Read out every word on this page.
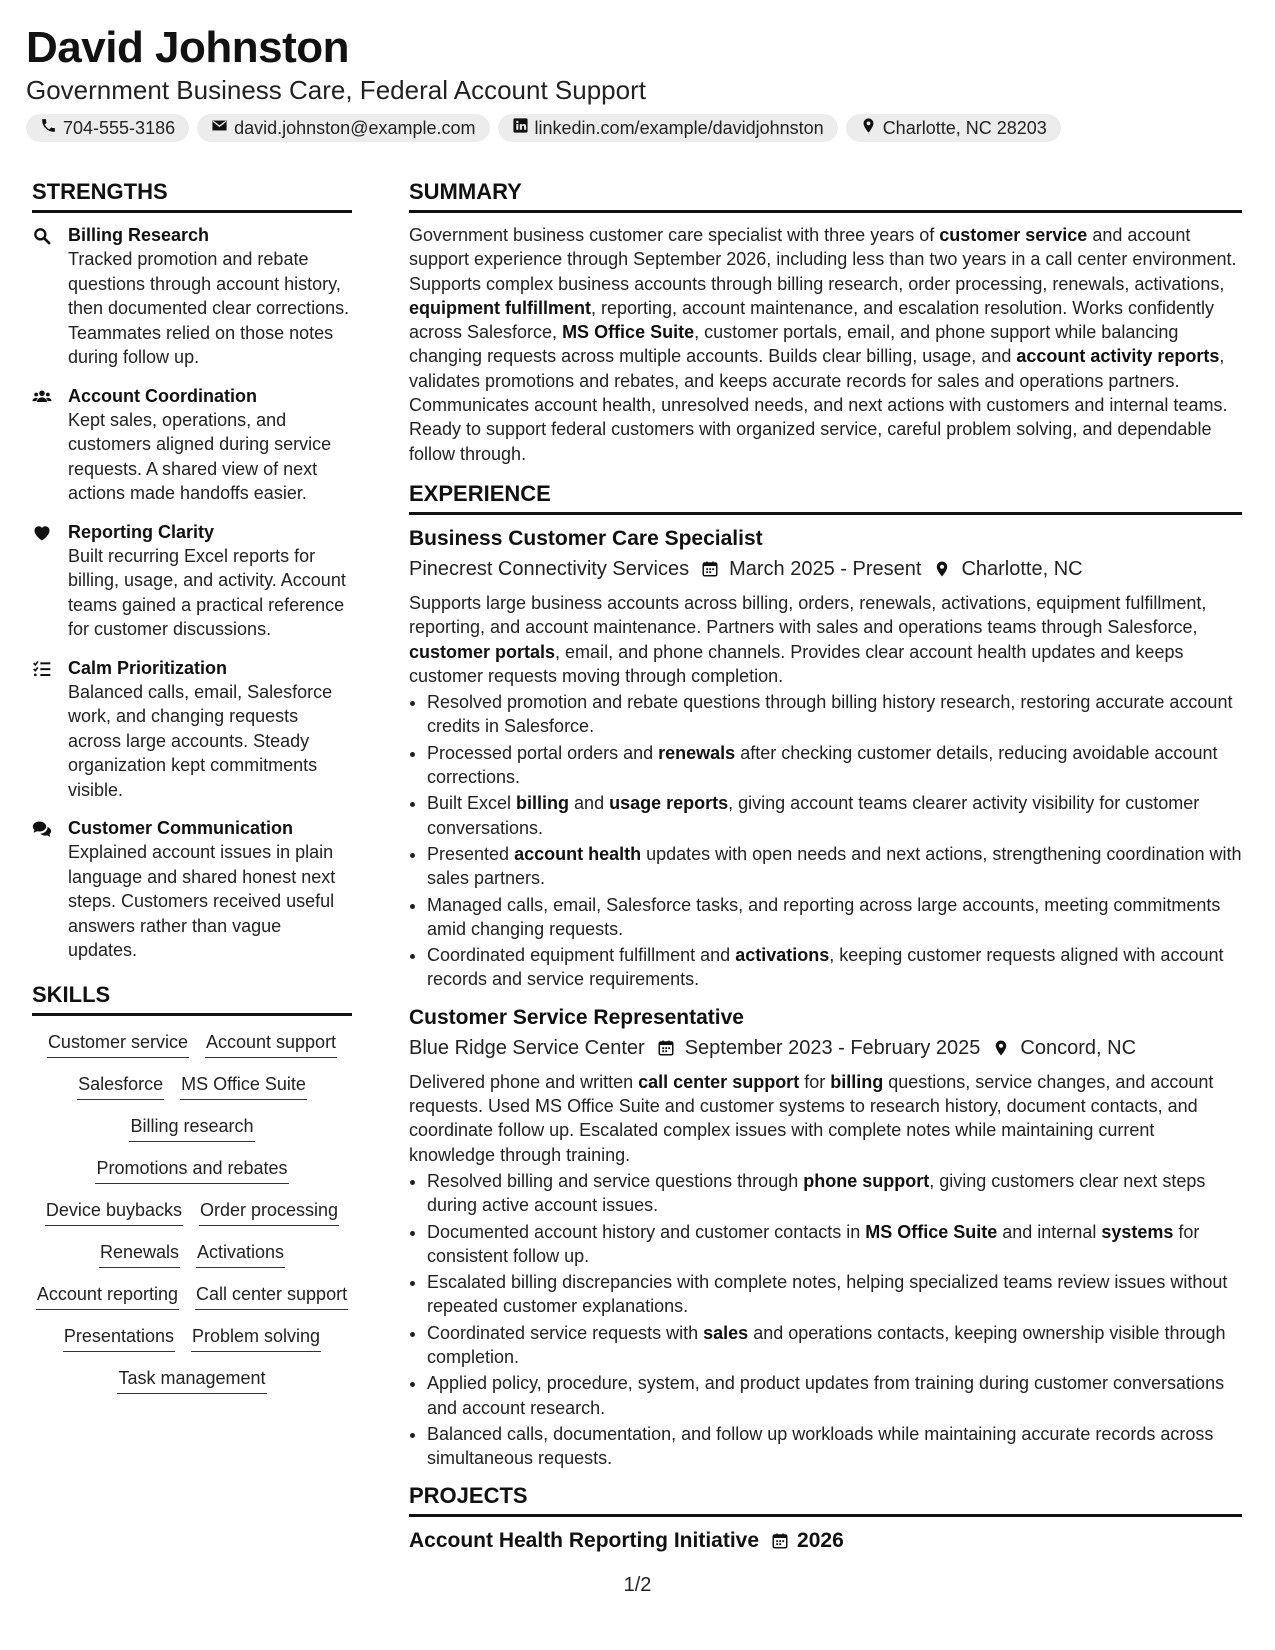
David Johnston
Government Business Care, Federal Account Support
704-555-3186	david.johnston@example.com	linkedin.com/example/davidjohnston	Charlotte, NC 28203
STRENGTHS
Billing Research
Tracked promotion and rebate questions through account history, then documented clear corrections. Teammates relied on those notes during follow up.
Account Coordination
Kept sales, operations, and customers aligned during service requests. A shared view of next actions made handoffs easier.
Reporting Clarity
Built recurring Excel reports for billing, usage, and activity. Account teams gained a practical reference for customer discussions.
Calm Prioritization
Balanced calls, email, Salesforce work, and changing requests across large accounts. Steady organization kept commitments visible.
Customer Communication
Explained account issues in plain language and shared honest next steps. Customers received useful answers rather than vague updates.
SKILLS
Customer service Account support
Salesforce MS Office Suite
Billing research
Promotions and rebates
Device buybacks Order processing
Renewals Activations
Account reporting Call center support
Presentations Problem solving
Task management
SUMMARY

Government business customer care specialist with three years of customer service and account support experience through September 2026, including less than two years in a call center environment. Supports complex business accounts through billing research, order processing, renewals, activations, equipment fulfillment, reporting, account maintenance, and escalation resolution. Works confidently across Salesforce, MS Office Suite, customer portals, email, and phone support while balancing changing requests across multiple accounts. Builds clear billing, usage, and account activity reports, validates promotions and rebates, and keeps accurate records for sales and operations partners. Communicates account health, unresolved needs, and next actions with customers and internal teams. Ready to support federal customers with organized service, careful problem solving, and dependable follow through.

EXPERIENCE
Business Customer Care Specialist
Pinecrest Connectivity Services March 2025 - Present Charlotte, NC

Supports large business accounts across billing, orders, renewals, activations, equipment fulfillment, reporting, and account maintenance. Partners with sales and operations teams through Salesforce, customer portals, email, and phone channels. Provides clear account health updates and keeps customer requests moving through completion.

• Resolved promotion and rebate questions through billing history research, restoring accurate account credits in Salesforce.
• Processed portal orders and renewals after checking customer details, reducing avoidable account corrections.
• Built Excel billing and usage reports, giving account teams clearer activity visibility for customer conversations.
• Presented account health updates with open needs and next actions, strengthening coordination with sales partners.
• Managed calls, email, Salesforce tasks, and reporting across large accounts, meeting commitments amid changing requests.
• Coordinated equipment fulfillment and activations, keeping customer requests aligned with account records and service requirements.
Customer Service Representative
Blue Ridge Service Center September 2023 - February 2025 Concord, NC

Delivered phone and written call center support for billing questions, service changes, and account requests. Used MS Office Suite and customer systems to research history, document contacts, and coordinate follow up. Escalated complex issues with complete notes while maintaining current knowledge through training.

• Resolved billing and service questions through phone support, giving customers clear next steps during active account issues.
• Documented account history and customer contacts in MS Office Suite and internal systems for consistent follow up.
• Escalated billing discrepancies with complete notes, helping specialized teams review issues without repeated customer explanations.
• Coordinated service requests with sales and operations contacts, keeping ownership visible through completion.
• Applied policy, procedure, system, and product updates from training during customer conversations and account research.
• Balanced calls, documentation, and follow up workloads while maintaining accurate records across simultaneous requests.
PROJECTS
Account Health Reporting Initiative 2026
1/2
